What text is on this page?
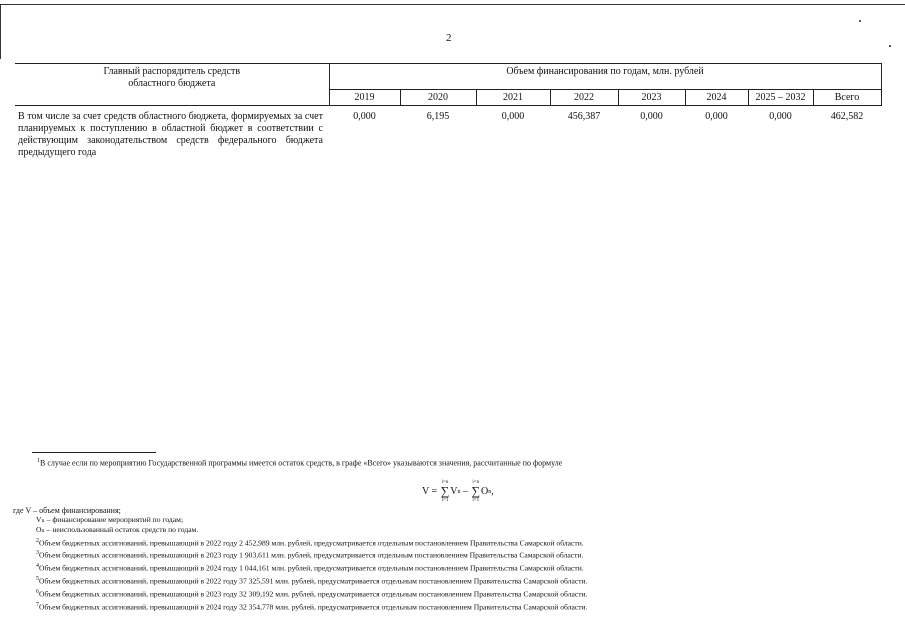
2
Главный распорядитель средств
областного бюджета	Объем финансирования по годам, млн. рублей							
	2019	2020	2021	2022	2023	2024	2025 – 2032	Всего
В том числе за счет средств областного бюджета, формируемых за счет планируемых к поступлению в областной бюджет в соответствии с действующим законодательством средств федерального бюджета предыдущего года	0,000	6,195	0,000	456,387	0,000	0,000	0,000	462,582
$^1$В случае если по мероприятию Государственной программы имеется остаток средств, в графе «Всего» указываются значения, рассчитанные по формуле
V =

i=n
∑
i=1
V n
–

i=n
∑
i=1
O n ,
где V – объем финансирования;
Vₙ – финансирование мероприятий по годам;
Oₙ – неиспользованный остаток средств по годам.
$^2$Объем бюджетных ассигнований, превышающий в 2022 году 2 452,989 млн. рублей, предусматривается отдельным постановлением Правительства Самарской области.
$^3$Объем бюджетных ассигнований, превышающий в 2023 году 1 903,611 млн. рублей, предусматривается отдельным постановлением Правительства Самарской области.
$^4$Объем бюджетных ассигнований, превышающий в 2024 году 1 044,161 млн. рублей, предусматривается отдельным постановлением Правительства Самарской области.
$^5$Объем бюджетных ассигнований, превышающий в 2022 году 37 325,591 млн. рублей, предусматривается отдельным постановлением Правительства Самарской области.
$^6$Объем бюджетных ассигнований, превышающий в 2023 году 32 309,192 млн. рублей, предусматривается отдельным постановлением Правительства Самарской области.
$^7$Объем бюджетных ассигнований, превышающий в 2024 году 32 354,778 млн. рублей, предусматривается отдельным постановлением Правительства Самарской области.
